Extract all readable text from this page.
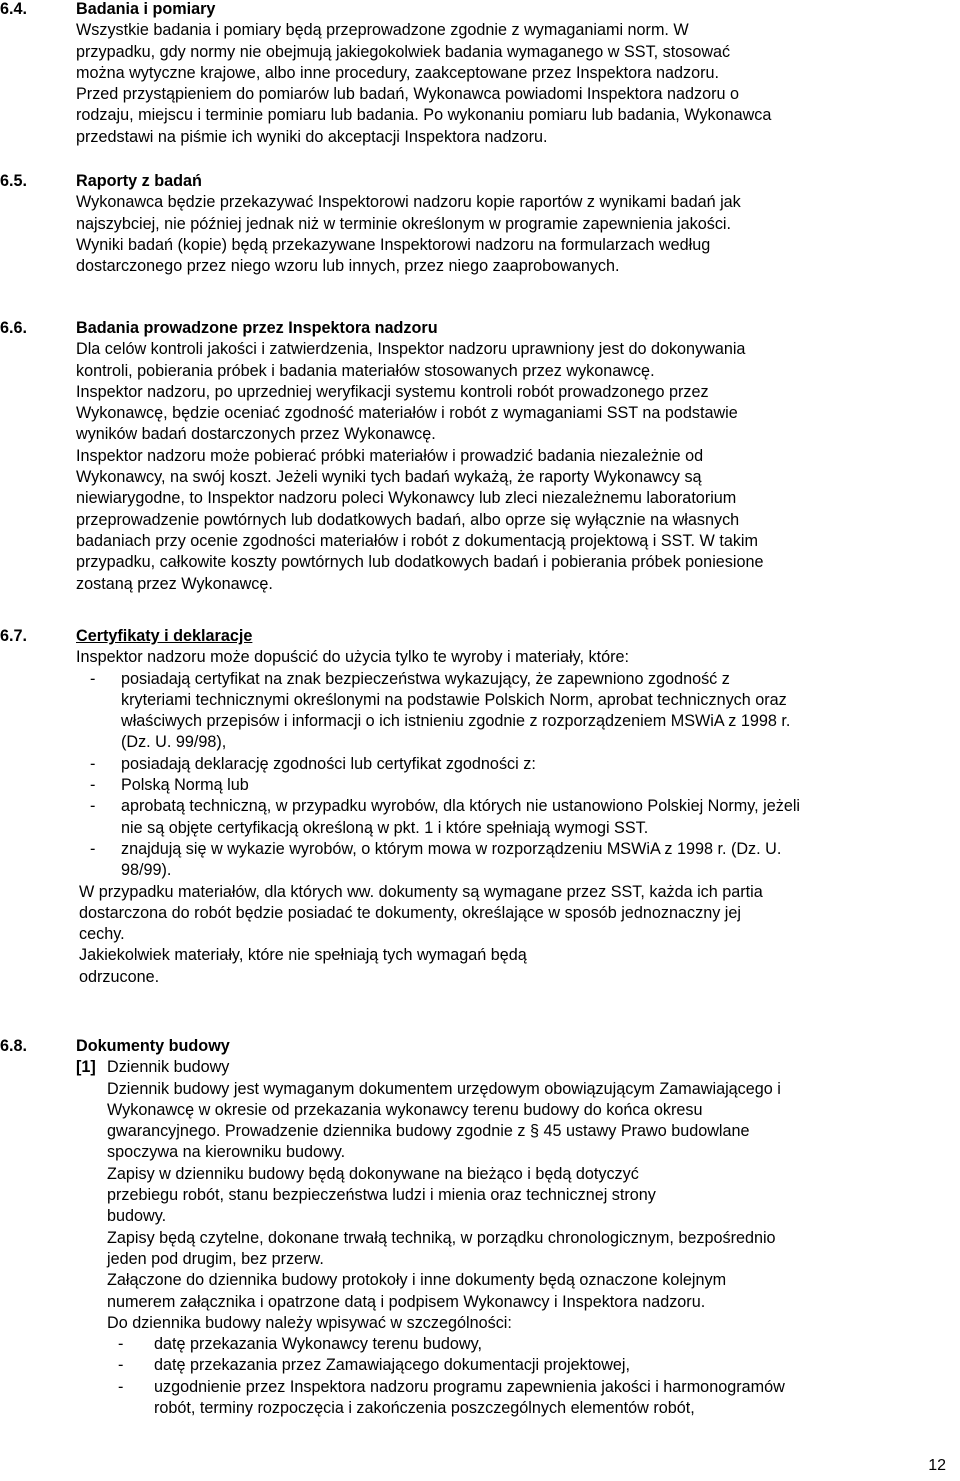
6.4.	Badania i pomiary
Wszystkie badania i pomiary będą przeprowadzone zgodnie z wymaganiami norm. W
przypadku, gdy normy nie obejmują jakiegokolwiek badania wymaganego w SST, stosować
można wytyczne krajowe, albo inne procedury, zaakceptowane przez Inspektora nadzoru.
Przed przystąpieniem do pomiarów lub badań, Wykonawca powiadomi Inspektora nadzoru o
rodzaju, miejscu i terminie pomiaru lub badania. Po wykonaniu pomiaru lub badania, Wykonawca
przedstawi na piśmie ich wyniki do akceptacji Inspektora nadzoru.
6.5.	Raporty z badań
Wykonawca będzie przekazywać Inspektorowi nadzoru kopie raportów z wynikami badań jak
najszybciej, nie później jednak niż w terminie określonym w programie zapewnienia jakości.
Wyniki badań (kopie) będą przekazywane Inspektorowi nadzoru na formularzach według
dostarczonego przez niego wzoru lub innych, przez niego zaaprobowanych.
6.6.	Badania prowadzone przez Inspektora nadzoru
Dla celów kontroli jakości i zatwierdzenia, Inspektor nadzoru uprawniony jest do dokonywania
kontroli, pobierania próbek i badania materiałów stosowanych przez wykonawcę.
Inspektor nadzoru, po uprzedniej weryfikacji systemu kontroli robót prowadzonego przez
Wykonawcę, będzie oceniać zgodność materiałów i robót z wymaganiami SST na podstawie
wyników badań dostarczonych przez Wykonawcę.
Inspektor nadzoru może pobierać próbki materiałów i prowadzić badania niezależnie od
Wykonawcy, na swój koszt. Jeżeli wyniki tych badań wykażą, że raporty Wykonawcy są
niewiarygodne, to Inspektor nadzoru poleci Wykonawcy lub zleci niezależnemu laboratorium
przeprowadzenie powtórnych lub dodatkowych badań, albo oprze się wyłącznie na własnych
badaniach przy ocenie zgodności materiałów i robót z dokumentacją projektową i SST. W takim
przypadku, całkowite koszty powtórnych lub dodatkowych badań i pobierania próbek poniesione
zostaną przez Wykonawcę.
6.7.	Certyfikaty i deklaracje
Inspektor nadzoru może dopuścić do użycia tylko te wyroby i materiały, które:
- posiadają certyfikat na znak bezpieczeństwa wykazujący, że zapewniono zgodność z
kryteriami technicznymi określonymi na podstawie Polskich Norm, aprobat technicznych oraz
właściwych przepisów i informacji o ich istnieniu zgodnie z rozporządzeniem MSWiA z 1998 r.
(Dz. U. 99/98),
- posiadają deklarację zgodności lub certyfikat zgodności z:
- Polską Normą lub
- aprobatą techniczną, w przypadku wyrobów, dla których nie ustanowiono Polskiej Normy, jeżeli
nie są objęte certyfikacją określoną w pkt. 1 i które spełniają wymogi SST.
- znajdują się w wykazie wyrobów, o którym mowa w rozporządzeniu MSWiA z 1998 r. (Dz. U.
98/99).
W przypadku materiałów, dla których ww. dokumenty są wymagane przez SST, każda ich partia
dostarczona do robót będzie posiadać te dokumenty, określające w sposób jednoznaczny jej
cechy.
Jakiekolwiek materiały, które nie spełniają tych wymagań będą
odrzucone.
6.8.	Dokumenty budowy
[1] Dziennik budowy
Dziennik budowy jest wymaganym dokumentem urzędowym obowiązującym Zamawiającego i
Wykonawcę w okresie od przekazania wykonawcy terenu budowy do końca okresu
gwarancyjnego. Prowadzenie dziennika budowy zgodnie z § 45 ustawy Prawo budowlane
spoczywa na kierowniku budowy.
Zapisy w dzienniku budowy będą dokonywane na bieżąco i będą dotyczyć
przebiegu robót, stanu bezpieczeństwa ludzi i mienia oraz technicznej strony
budowy.
Zapisy będą czytelne, dokonane trwałą techniką, w porządku chronologicznym, bezpośrednio
jeden pod drugim, bez przerw.
Załączone do dziennika budowy protokoły i inne dokumenty będą oznaczone kolejnym
numerem załącznika i opatrzone datą i podpisem Wykonawcy i Inspektora nadzoru.
Do dziennika budowy należy wpisywać w szczególności:
- datę przekazania Wykonawcy terenu budowy,
- datę przekazania przez Zamawiającego dokumentacji projektowej,
- uzgodnienie przez Inspektora nadzoru programu zapewnienia jakości i harmonogramów
robót, terminy rozpoczęcia i zakończenia poszczególnych elementów robót,
12
